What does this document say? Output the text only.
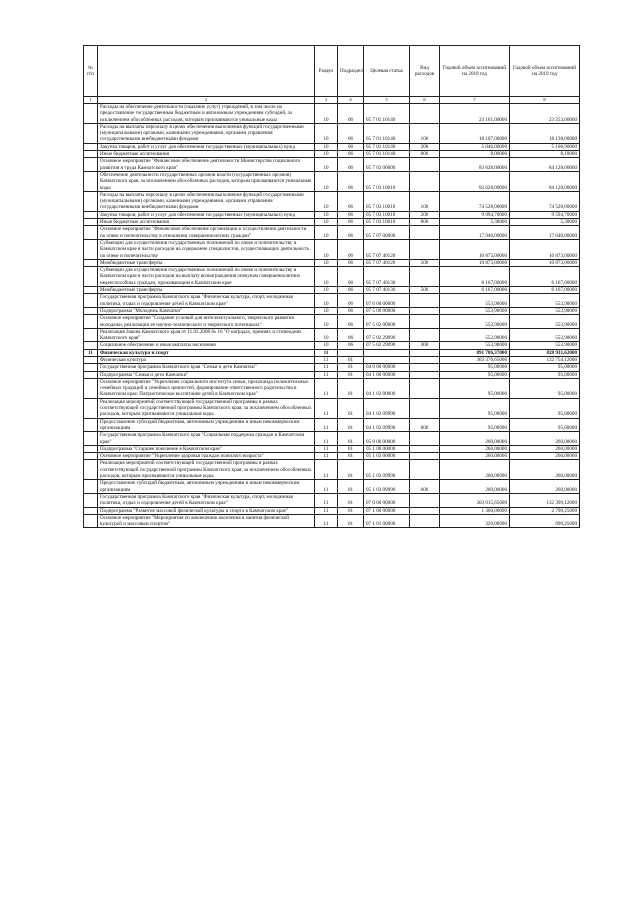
№ п/п		Раздел	Подраздел	Целевая статья	Вид расходов	Годовой объем ассигнований на 2018 год	Годовой объем ассигнований на 2019 год
1	2	3	4	5	6	7	8
	Расходы на обеспечение деятельности (оказание услуг) учреждений, в том числе на предоставление государственным бюджетным и автономным учреждениям субсидий, за исключением обособленных расходов, которым присваиваются уникальные коды	10	06	05 7 01 10140		23 161,00000	23 253,00000
	Расходы на выплаты персоналу в целях обеспечения выполнения функций государственными (муниципальными) органами, казенными учреждениями, органами управления государственными внебюджетными фондами	10	06	05 7 01 10140	100	18 107,00000	18 138,00000
	Закупка товаров, работ и услуг для обеспечения государственных (муниципальных) нужд	10	06	05 7 01 10140	200	5 046,00000	5 106,90000
	Иные бюджетные ассигнования	10	06	05 7 01 10140	800	8,00000	8,10000
	Основное мероприятие "Финансовое обеспечение деятельности Министерства социального развития и труда Камчатского края"	10	06	05 7 03 00000		83 628,00000	84 128,00000
	Обеспечение деятельности государственных органов власти (государственных органов) Камчатского края, за исключением обособленных расходов, которым присваиваются уникальные коды	10	06	05 7 03 10010		83 628,00000	84 128,00000
	Расходы на выплаты персоналу в целях обеспечения выполнения функций государственными (муниципальными) органами, казенными учреждениями, органами управления государственными внебюджетными фондами	10	06	05 7 03 10010	100	74 528,00000	74 528,00000
	Закупка товаров, работ и услуг для обеспечения государственных (муниципальных) нужд	10	06	05 7 03 10010	200	9 094,70000	9 594,70000
	Иные бюджетные ассигнования	10	06	05 7 03 10010	800	5,30000	5,30000
	Основное мероприятие "Финансовое обеспечение организации и осуществления деятельности по опеке и попечительству в отношении совершеннолетних граждан"	10	06	05 7 07 00000		17 040,00000	17 040,00000
	Субвенции для осуществления государственных полномочий по опеке и попечительству в Камчатском крае в части расходов на содержание специалистов, осуществляющих деятельность по опеке и попечительству	10	06	05 7 07 40120		10 873,00000	10 873,00000
	Межбюджетные трансферты	10	06	05 7 07 40120	500	10 873,00000	10 873,00000
	Субвенции для осуществления государственных полномочий по опеке и попечительству в Камчатском крае в части расходов на выплату вознаграждения опекунам совершеннолетних недееспособных граждан, проживающим в Камчатском крае	10	06	05 7 07 40130		6 167,00000	6 167,00000
	Межбюджетные трансферты	10	06	05 7 07 40130	500	6 167,00000	6 167,00000
	Государственная программа Камчатского края "Физическая культура, спорт, молодежная политика, отдых и оздоровление детей в Камчатском крае"	10	06	07 0 00 00000		553,90000	553,90000
	Подпрограмма "Молодежь Камчатки"	10	06	07 5 00 00000		553,90000	553,90000
	Основное мероприятие "Создание условий для интеллектуального, творческого развития молодежи, реализации ее научно-технического и творческого потенциала"	10	06	07 5 02 00000		553,90000	553,90000
	Реализация Закона Камчатского края от 11.03.2008 № 16 "О наградах, премиях и стипендиях Камчатского края"	10	06	07 5 02 29090		553,90000	553,90000
	Социальное обеспечение и иные выплаты населению	10	06	07 5 02 29090	300	553,90000	553,90000
11	Физическая культура и спорт	11				891 786,37000	828 931,62000
	Физическая культура	11	01			303 370,65000	132 754,12000
	Государственная программа Камчатского края "Семья и дети Камчатки"	11	01	04 0 00 00000		95,00000	95,00000
	Подпрограмма "Семья и дети Камчатки"	11	01	04 1 00 00000		95,00000	95,00000
	Основное мероприятие "Укрепление социального института семьи, пропаганда положительных семейных традиций и семейных ценностей, формирование ответственного родительства в Камчатском крае. Патриотическое воспитание детей в Камчатском крае"	11	01	04 1 02 00000		95,00000	95,00000
	Реализация мероприятий соответствующей государственной программы в рамках соответствующей государственной программы Камчатского края, за исключением обособленных расходов, которым присваиваются уникальные коды	11	01	04 1 02 09990		95,00000	95,00000
	Предоставление субсидий бюджетным, автономным учреждениям и иным некоммерческим организациям	11	01	04 1 02 09990	600	95,00000	95,00000
	Государственная программа Камчатского края "Социальная поддержка граждан в Камчатском крае"	11	01	05 0 00 00000		260,00000	260,00000
	Подпрограмма "Старшее поколение в Камчатском крае"	11	01	05 1 00 00000		260,00000	260,00000
	Основное мероприятие "Укрепление здоровья граждан пожилого возраста"	11	01	05 1 03 00000		260,00000	260,00000
	Реализация мероприятий соответствующей государственной программы в рамках соответствующей государственной программы Камчатского края, за исключением обособленных расходов, которым присваиваются уникальные коды	11	01	05 1 03 09990		260,00000	260,00000
	Предоставление субсидий бюджетным, автономным учреждениям и иным некоммерческим организациям	11	01	05 1 03 09990	600	260,00000	260,00000
	Государственная программа Камчатского края "Физическая культура, спорт, молодежная политика, отдых и оздоровление детей в Камчатском крае"	11	01	07 0 00 00000		303 015,65000	132 399,12000
	Подпрограмма "Развитие массовой физической культуры и спорта в Камчатском крае"	11	01	07 1 00 00000		1 360,00000	2 790,25000
	Основное мероприятие "Мероприятия по вовлечению населения в занятия физической культурой и массовым спортом"	11	01	07 1 01 00000		320,00000	690,25000
